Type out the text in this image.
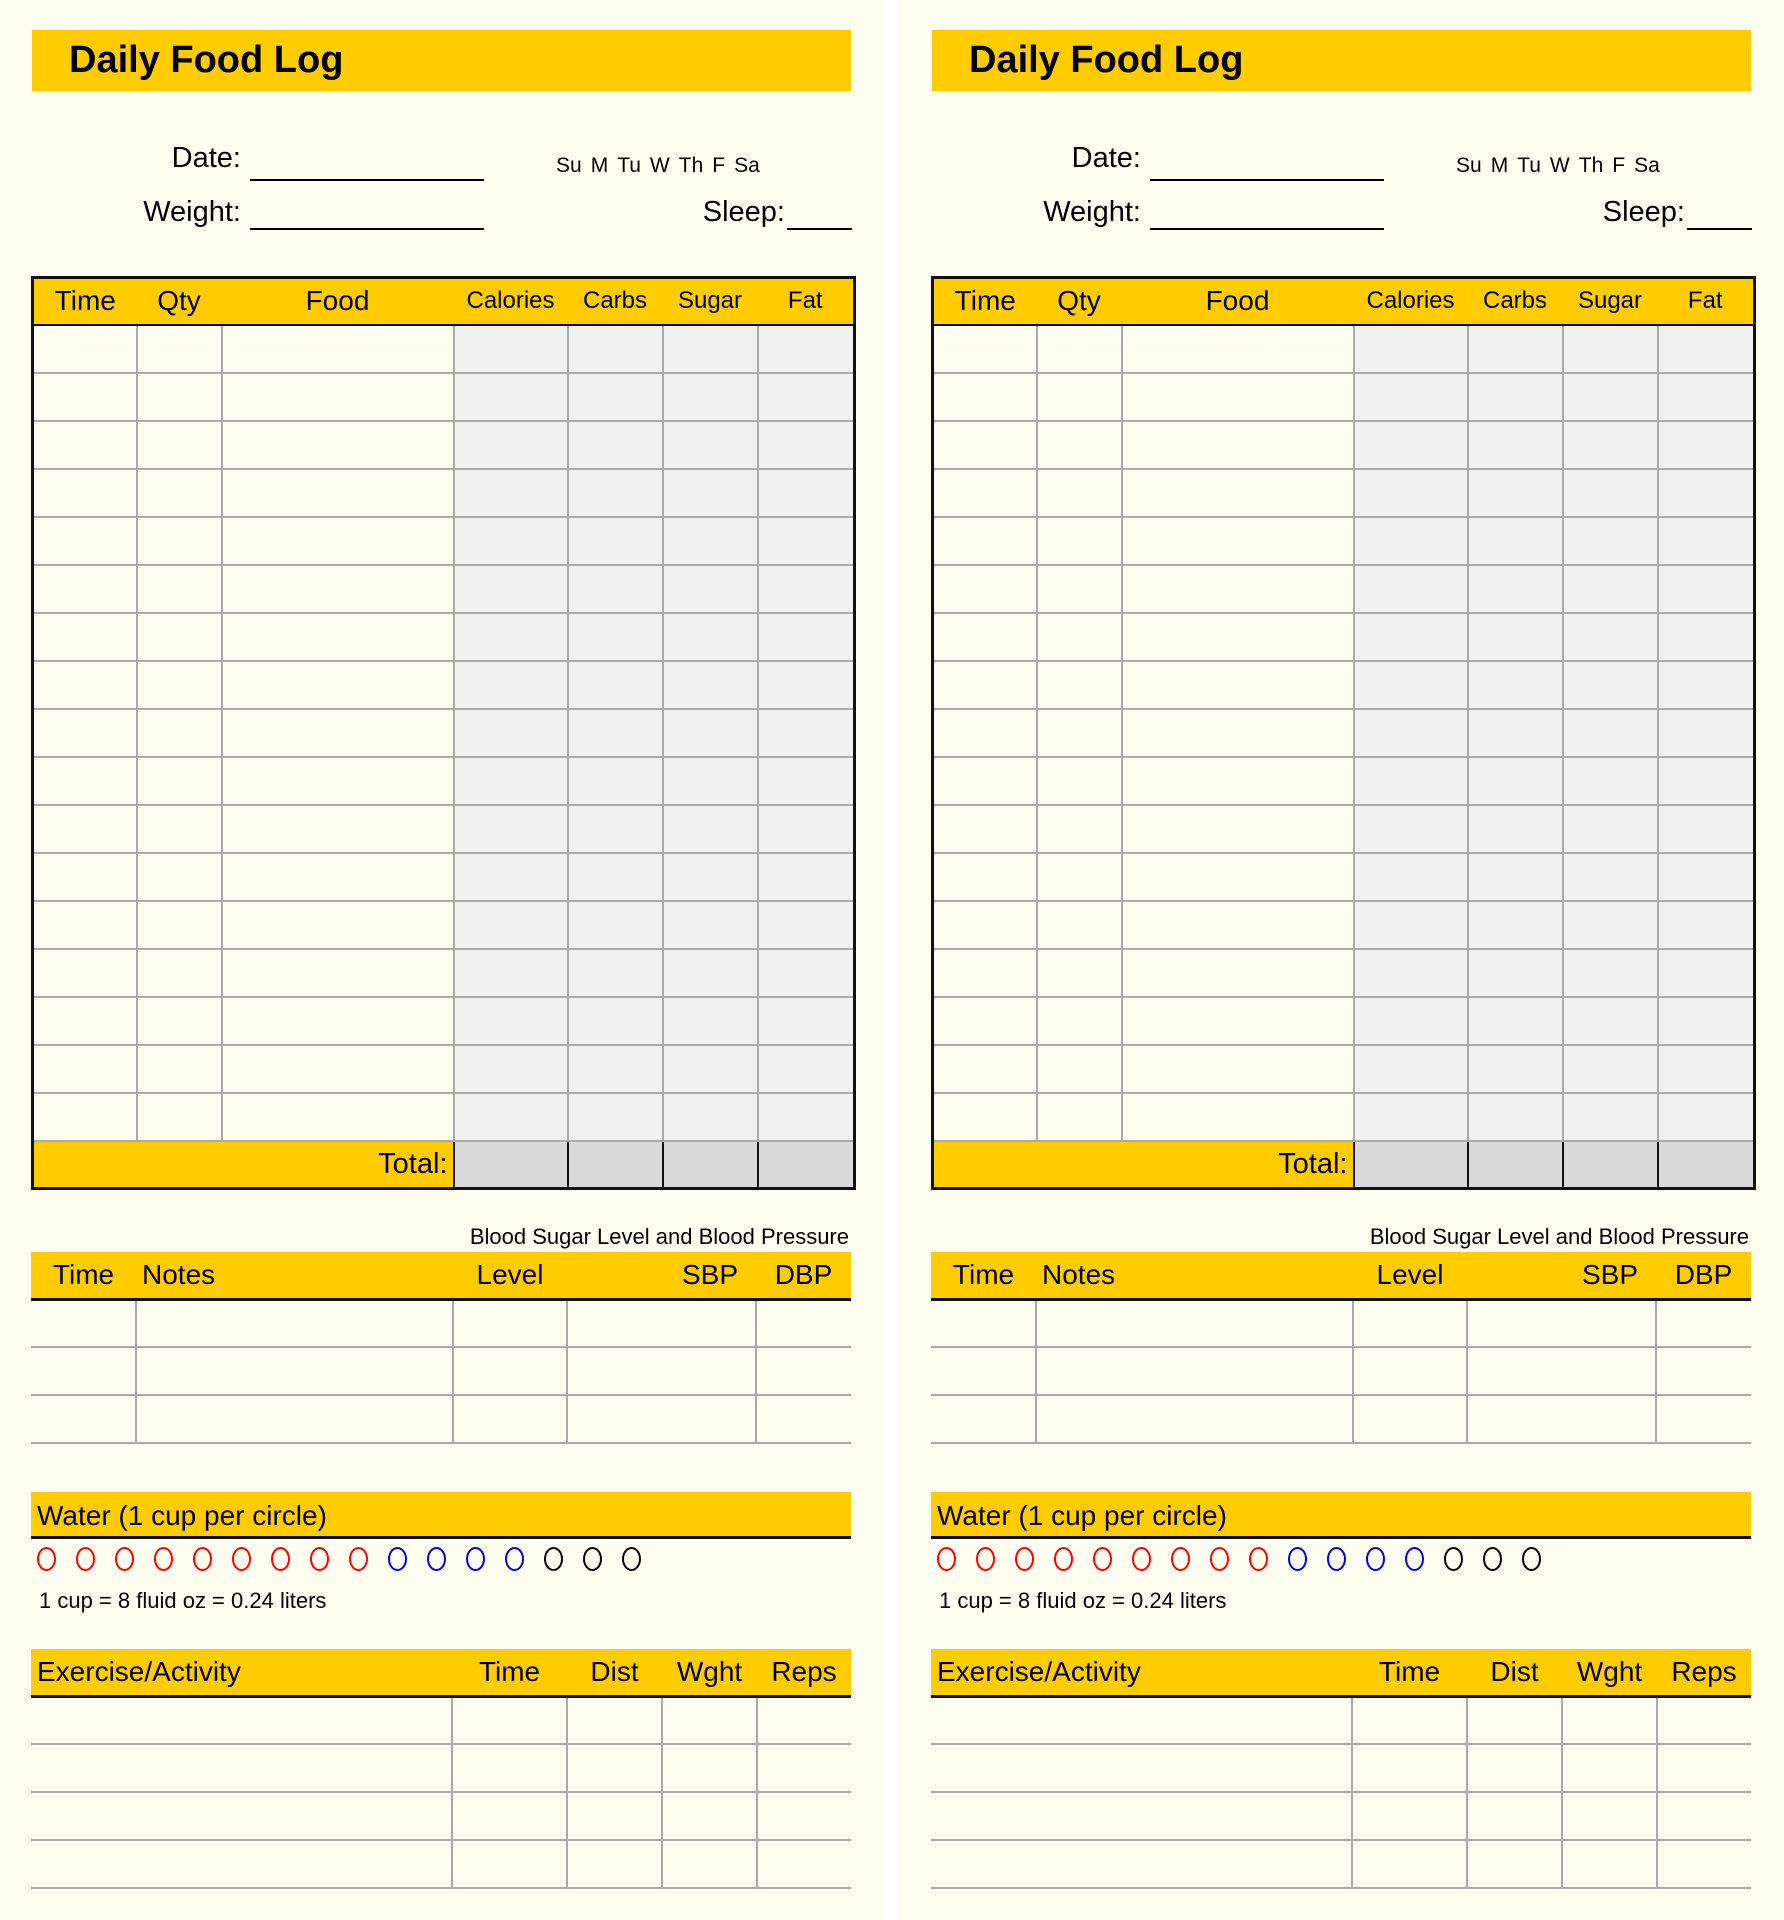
Daily Food Log
Date:
Weight:
Su M Tu W Th F Sa
Sleep:
Time	Qty	Food	Calories	Carbs	Sugar	Fat

Total:						
Blood Sugar Level and Blood Pressure
Time	Notes	Level	SBP	DBP

Water (1 cup per circle)
1 cup = 8 fluid oz = 0.24 liters
Exercise/Activity	Time	Dist	Wght	Reps

Daily Food Log
Date:
Weight:
Su M Tu W Th F Sa
Sleep:
Time	Qty	Food	Calories	Carbs	Sugar	Fat

Total:						
Blood Sugar Level and Blood Pressure
Time	Notes	Level	SBP	DBP

Water (1 cup per circle)
1 cup = 8 fluid oz = 0.24 liters
Exercise/Activity	Time	Dist	Wght	Reps
